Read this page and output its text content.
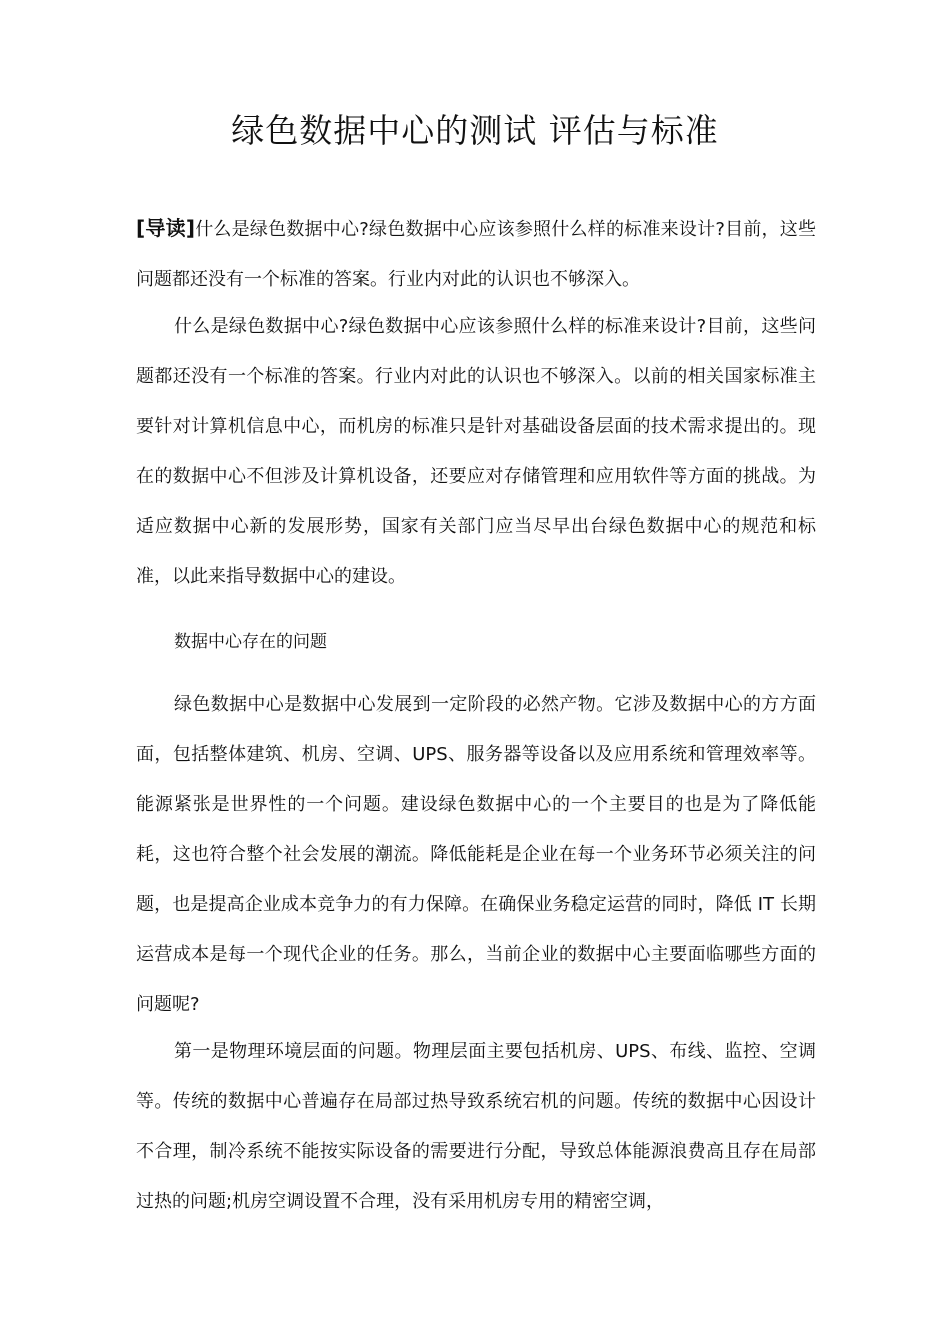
绿色数据中心的测试 评估与标准

[导读]什么是绿色数据中心?绿色数据中心应该参照什么样的标准来设计?目前，这些问题都还没有一个标准的答案。行业内对此的认识也不够深入。

什么是绿色数据中心?绿色数据中心应该参照什么样的标准来设计?目前，这些问题都还没有一个标准的答案。行业内对此的认识也不够深入。以前的相关国家标准主要针对计算机信息中心，而机房的标准只是针对基础设备层面的技术需求提出的。现在的数据中心不但涉及计算机设备，还要应对存储管理和应用软件等方面的挑战。为适应数据中心新的发展形势，国家有关部门应当尽早出台绿色数据中心的规范和标准，以此来指导数据中心的建设。

数据中心存在的问题

绿色数据中心是数据中心发展到一定阶段的必然产物。它涉及数据中心的方方面面，包括整体建筑、机房、空调、UPS、服务器等设备以及应用系统和管理效率等。能源紧张是世界性的一个问题。建设绿色数据中心的一个主要目的也是为了降低能耗，这也符合整个社会发展的潮流。降低能耗是企业在每一个业务环节必须关注的问题，也是提高企业成本竞争力的有力保障。在确保业务稳定运营的同时，降低 IT 长期运营成本是每一个现代企业的任务。那么，当前企业的数据中心主要面临哪些方面的问题呢?

第一是物理环境层面的问题。物理层面主要包括机房、UPS、布线、监控、空调等。传统的数据中心普遍存在局部过热导致系统宕机的问题。传统的数据中心因设计不合理，制冷系统不能按实际设备的需要进行分配，导致总体能源浪费高且存在局部过热的问题;机房空调设置不合理，没有采用机房专用的精密空调，
